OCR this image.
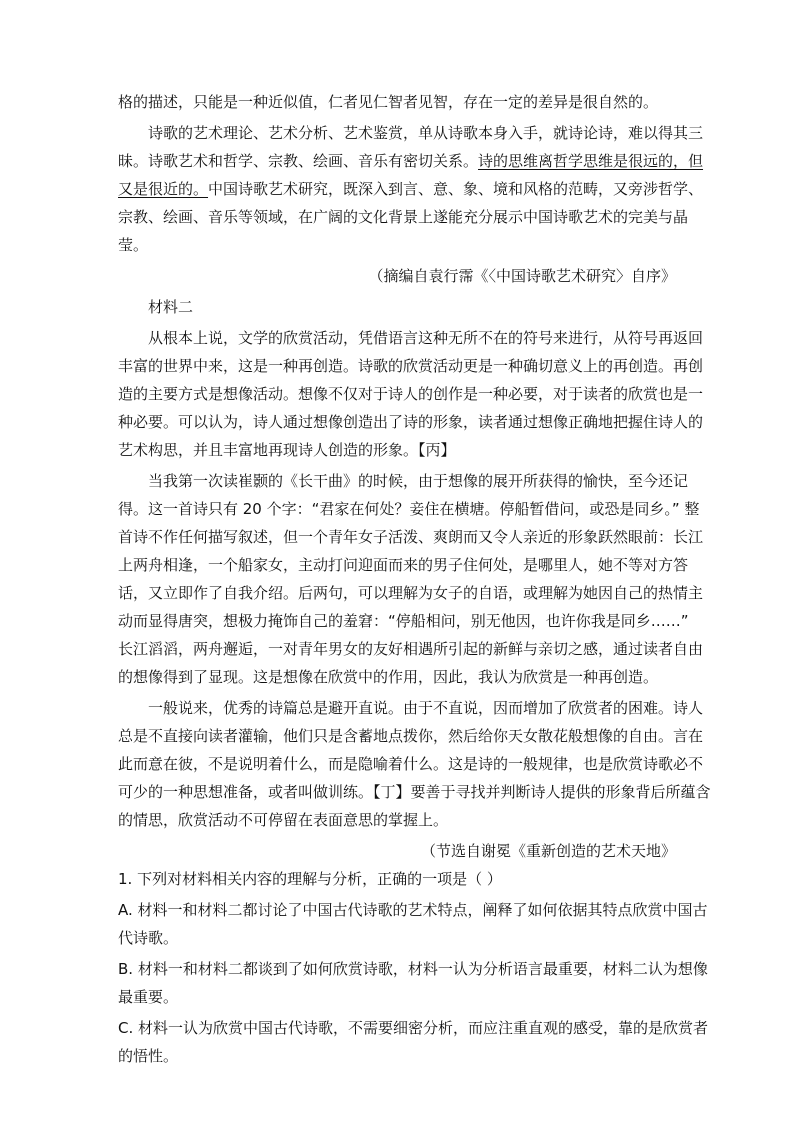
格的描述，只能是一种近似值，仁者见仁智者见智，存在一定的差异是很自然的。
诗歌的艺术理论、艺术分析、艺术鉴赏，单从诗歌本身入手，就诗论诗，难以得其三
昧。诗歌艺术和哲学、宗教、绘画、音乐有密切关系。诗的思维离哲学思维是很远的，但
又是很近的。中国诗歌艺术研究，既深入到言、意、象、境和风格的范畴，又旁涉哲学、
宗教、绘画、音乐等领域，在广阔的文化背景上遂能充分展示中国诗歌艺术的完美与晶
莹。
（摘编自袁行霈《〈中国诗歌艺术研究〉自序》
材料二
从根本上说，文学的欣赏活动，凭借语言这种无所不在的符号来进行，从符号再返回
丰富的世界中来，这是一种再创造。诗歌的欣赏活动更是一种确切意义上的再创造。再创
造的主要方式是想像活动。想像不仅对于诗人的创作是一种必要，对于读者的欣赏也是一
种必要。可以认为，诗人通过想像创造出了诗的形象，读者通过想像正确地把握住诗人的
艺术构思，并且丰富地再现诗人创造的形象。【丙】
当我第一次读崔颢的《长干曲》的时候，由于想像的展开所获得的愉快，至今还记
得。这一首诗只有 20 个字：“君家在何处？妾住在横塘。停船暂借问，或恐是同乡。” 整
首诗不作任何描写叙述，但一个青年女子活泼、爽朗而又令人亲近的形象跃然眼前：长江
上两舟相逢，一个船家女，主动打问迎面而来的男子住何处，是哪里人，她不等对方答
话，又立即作了自我介绍。后两句，可以理解为女子的自语，或理解为她因自己的热情主
动而显得唐突，想极力掩饰自己的羞窘：“停船相问，别无他因，也许你我是同乡……”
长江滔滔，两舟邂逅，一对青年男女的友好相遇所引起的新鲜与亲切之感，通过读者自由
的想像得到了显现。这是想像在欣赏中的作用，因此，我认为欣赏是一种再创造。
一般说来，优秀的诗篇总是避开直说。由于不直说，因而增加了欣赏者的困难。诗人
总是不直接向读者灌输，他们只是含蓄地点拨你，然后给你天女散花般想像的自由。言在
此而意在彼，不是说明着什么，而是隐喻着什么。这是诗的一般规律，也是欣赏诗歌必不
可少的一种思想准备，或者叫做训练。【丁】要善于寻找并判断诗人提供的形象背后所蕴含
的情思，欣赏活动不可停留在表面意思的掌握上。
（节选自谢冕《重新创造的艺术天地》
1. 下列对材料相关内容的理解与分析，正确的一项是（ ）
A. 材料一和材料二都讨论了中国古代诗歌的艺术特点，阐释了如何依据其特点欣赏中国古
代诗歌。
B. 材料一和材料二都谈到了如何欣赏诗歌，材料一认为分析语言最重要，材料二认为想像
最重要。
C. 材料一认为欣赏中国古代诗歌，不需要细密分析，而应注重直观的感受，靠的是欣赏者
的悟性。
